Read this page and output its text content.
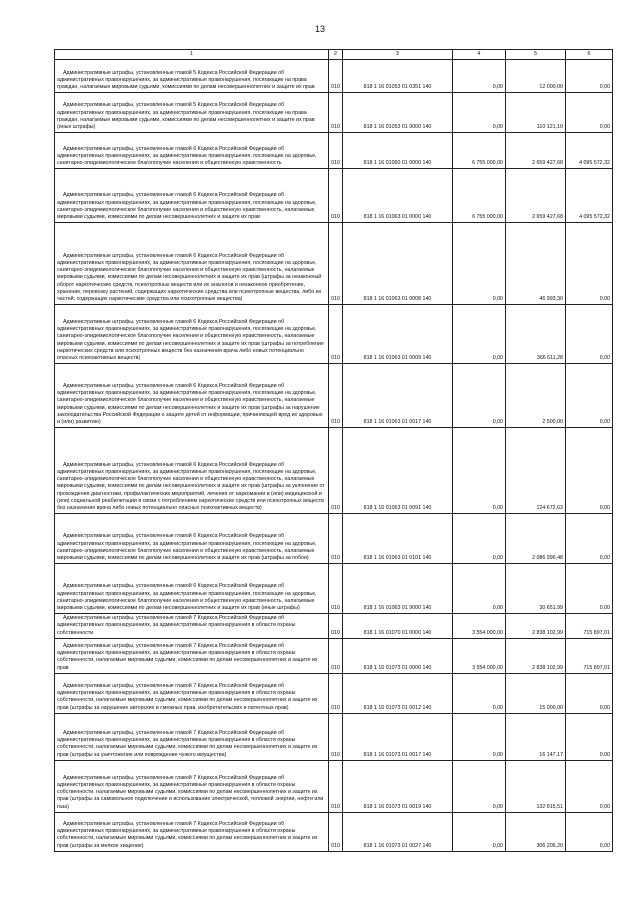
13
1	2	3	4	5	6

Административные штрафы, установленные главой 5 Кодекса Российской Федерации об административных правонарушениях, за административные правонарушения, посягающие на права граждан, налагаемые мировыми судьями, комиссиями по делам несовершеннолетних и защите их прав	010	818 1 16 01053 01 0351 140	0,00	12 000,00	0,00

Административные штрафы, установленные главой 5 Кодекса Российской Федерации об административных правонарушениях, за административные правонарушения, посягающие на права граждан, налагаемые мировыми судьями, комиссиями по делам несовершеннолетних и защите их прав (иные штрафы)	010	818 1 16 01053 01 9000 140	0,00	110 121,10	0,00

Административные штрафы, установленные главой 6 Кодекса Российской Федерации об административных правонарушениях, за административные правонарушения, посягающие на здоровье, санитарно-эпидемиологическое благополучие населения и общественную нравственность	010	818 1 16 01060 01 0000 140	6 755 000,00	2 659 427,68	4 095 572,32

Административные штрафы, установленные главой 6 Кодекса Российской Федерации об административных правонарушениях, за административные правонарушения, посягающие на здоровье, санитарно-эпидемиологическое благополучие населения и общественную нравственность, налагаемые мировыми судьями, комиссиями по делам несовершеннолетних и защите их прав	010	818 1 16 01063 01 0000 140	6 755 000,00	2 659 427,68	4 095 572,32

Административные штрафы, установленные главой 6 Кодекса Российской Федерации об административных правонарушениях, за административные правонарушения, посягающие на здоровье, санитарно-эпидемиологическое благополучие населения и общественную нравственность, налагаемые мировыми судьями, комиссиями по делам несовершеннолетних и защите их прав (штрафы за незаконный оборот наркотических средств, психотропных веществ или их аналогов и незаконное приобретение, хранение, перевозку растений, содержащих наркотические средства или психотропные вещества, либо их частей, содержащих наркотические средства или психотропные вещества)	010	818 1 16 01063 01 0008 140	0,00	46 993,30	0,00

Административные штрафы, установленные главой 6 Кодекса Российской Федерации об административных правонарушениях, за административные правонарушения, посягающие на здоровье, санитарно-эпидемиологическое благополучие населения и общественную нравственность, налагаемые мировыми судьями, комиссиями по делам несовершеннолетних и защите их прав (штрафы за потребление наркотических средств или психотропных веществ без назначения врача либо новых потенциально опасных психоактивных веществ)	010	818 1 16 01063 01 0009 140	0,00	366 611,28	0,00

Административные штрафы, установленные главой 6 Кодекса Российской Федерации об административных правонарушениях, за административные правонарушения, посягающие на здоровье, санитарно-эпидемиологическое благополучие населения и общественную нравственность, налагаемые мировыми судьями, комиссиями по делам несовершеннолетних и защите их прав (штрафы за нарушение законодательства Российской Федерации о защите детей от информации, причиняющей вред их здоровью и (или) развитию)	010	818 1 16 01063 01 0017 140	0,00	2 500,00	0,00

Административные штрафы, установленные главой 6 Кодекса Российской Федерации об административных правонарушениях, за административные правонарушения, посягающие на здоровье, санитарно-эпидемиологическое благополучие населения и общественную нравственность, налагаемые мировыми судьями, комиссиями по делам несовершеннолетних и защите их прав (штрафы за уклонение от прохождения диагностики, профилактических мероприятий, лечения от наркомании и (или) медицинской и (или) социальной реабилитации в связи с потреблением наркотических средств или психотропных веществ без назначения врача либо новых потенциально опасных психоактивных веществ)	010	818 1 16 01063 01 0091 140	0,00	124 672,63	0,00

Административные штрафы, установленные главой 6 Кодекса Российской Федерации об административных правонарушениях, за административные правонарушения, посягающие на здоровье, санитарно-эпидемиологическое благополучие населения и общественную нравственность, налагаемые мировыми судьями, комиссиями по делам несовершеннолетних и защите их прав (штрафы за побои)	010	818 1 16 01063 01 0101 140	0,00	2 086 996,48	0,00

Административные штрафы, установленные главой 6 Кодекса Российской Федерации об административных правонарушениях, за административные правонарушения, посягающие на здоровье, санитарно-эпидемиологическое благополучие населения и общественную нравственность, налагаемые мировыми судьями, комиссиями по делам несовершеннолетних и защите их прав (иные штрафы)	010	818 1 16 01063 01 9000 140	0,00	30 651,99	0,00

Административные штрафы, установленные главой 7 Кодекса Российской Федерации об административных правонарушениях, за административные правонарушения в области охраны собственности	010	818 1 16 01070 01 0000 140	3 554 000,00	2 838 102,99	715 897,01

Административные штрафы, установленные главой 7 Кодекса Российской Федерации об административных правонарушениях, за административные правонарушения в области охраны собственности, налагаемые мировыми судьями, комиссиями по делам несовершеннолетних и защите их прав	010	818 1 16 01073 01 0000 140	3 554 000,00	2 838 102,99	715 897,01

Административные штрафы, установленные главой 7 Кодекса Российской Федерации об административных правонарушениях, за административные правонарушения в области охраны собственности, налагаемые мировыми судьями, комиссиями по делам несовершеннолетних и защите их прав (штрафы за нарушение авторских и смежных прав, изобретательских и патентных прав)	010	818 1 16 01073 01 0012 140	0,00	15 000,00	0,00

Административные штрафы, установленные главой 7 Кодекса Российской Федерации об административных правонарушениях, за административные правонарушения в области охраны собственности, налагаемые мировыми судьями, комиссиями по делам несовершеннолетних и защите их прав (штрафы за уничтожение или повреждение чужого имущества)	010	818 1 16 01073 01 0017 140	0,00	16 147,17	0,00

Административные штрафы, установленные главой 7 Кодекса Российской Федерации об административных правонарушениях, за административные правонарушения в области охраны собственности, налагаемые мировыми судьями, комиссиями по делам несовершеннолетних и защите их прав (штрафы за самовольное подключение и использование электрической, тепловой энергии, нефти или газа)	010	818 1 16 01073 01 0019 140	0,00	132 915,51	0,00

Административные штрафы, установленные главой 7 Кодекса Российской Федерации об административных правонарушениях, за административные правонарушения в области охраны собственности, налагаемые мировыми судьями, комиссиями по делам несовершеннолетних и защите их прав (штрафы за мелкое хищение)	010	818 1 16 01073 01 0027 140	0,00	306 206,20	0,00
